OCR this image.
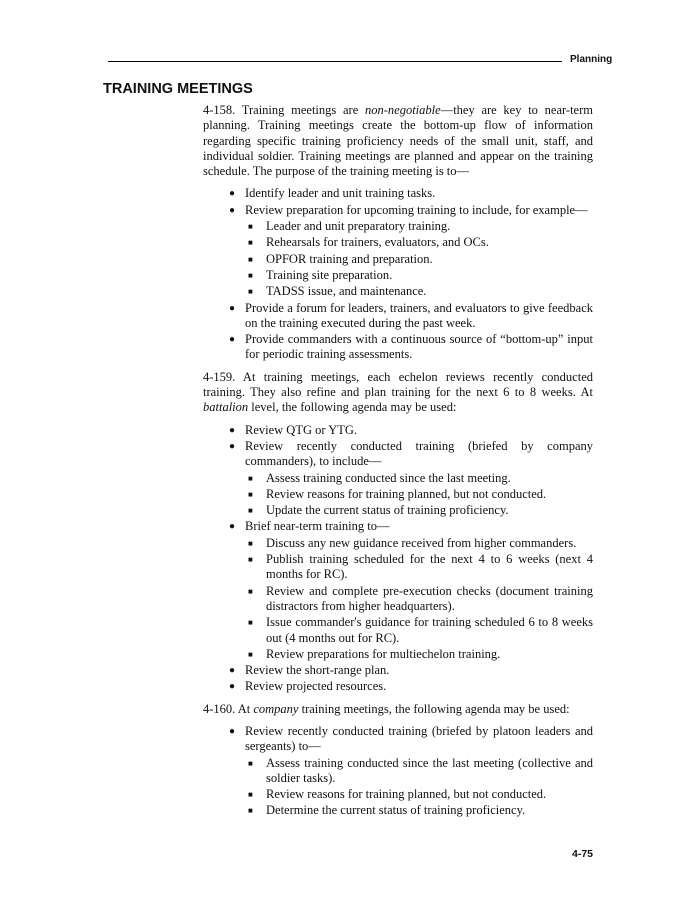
Planning
TRAINING MEETINGS

4-158. Training meetings are non-negotiable—they are key to near-term planning. Training meetings create the bottom-up flow of information regarding specific training proficiency needs of the small unit, staff, and individual soldier. Training meetings are planned and appear on the training schedule. The purpose of the training meeting is to—

● Identify leader and unit training tasks.
● Review preparation for upcoming training to include, for example—
■ Leader and unit preparatory training.
■ Rehearsals for trainers, evaluators, and OCs.
■ OPFOR training and preparation.
■ Training site preparation.
■ TADSS issue, and maintenance.
● Provide a forum for leaders, trainers, and evaluators to give feedback on the training executed during the past week.
● Provide commanders with a continuous source of “bottom-up” input for periodic training assessments.

4-159. At training meetings, each echelon reviews recently conducted training. They also refine and plan training for the next 6 to 8 weeks. At battalion level, the following agenda may be used:

● Review QTG or YTG.
● Review recently conducted training (briefed by company commanders), to include—
■ Assess training conducted since the last meeting.
■ Review reasons for training planned, but not conducted.
■ Update the current status of training proficiency.
● Brief near-term training to—
■ Discuss any new guidance received from higher commanders.
■ Publish training scheduled for the next 4 to 6 weeks (next 4 months for RC).
■ Review and complete pre-execution checks (document training distractors from higher headquarters).
■ Issue commander's guidance for training scheduled 6 to 8 weeks out (4 months out for RC).
■ Review preparations for multiechelon training.
● Review the short-range plan.
● Review projected resources.

4-160. At company training meetings, the following agenda may be used:

● Review recently conducted training (briefed by platoon leaders and sergeants) to—
■ Assess training conducted since the last meeting (collective and soldier tasks).
■ Review reasons for training planned, but not conducted.
■ Determine the current status of training proficiency.
4-75
